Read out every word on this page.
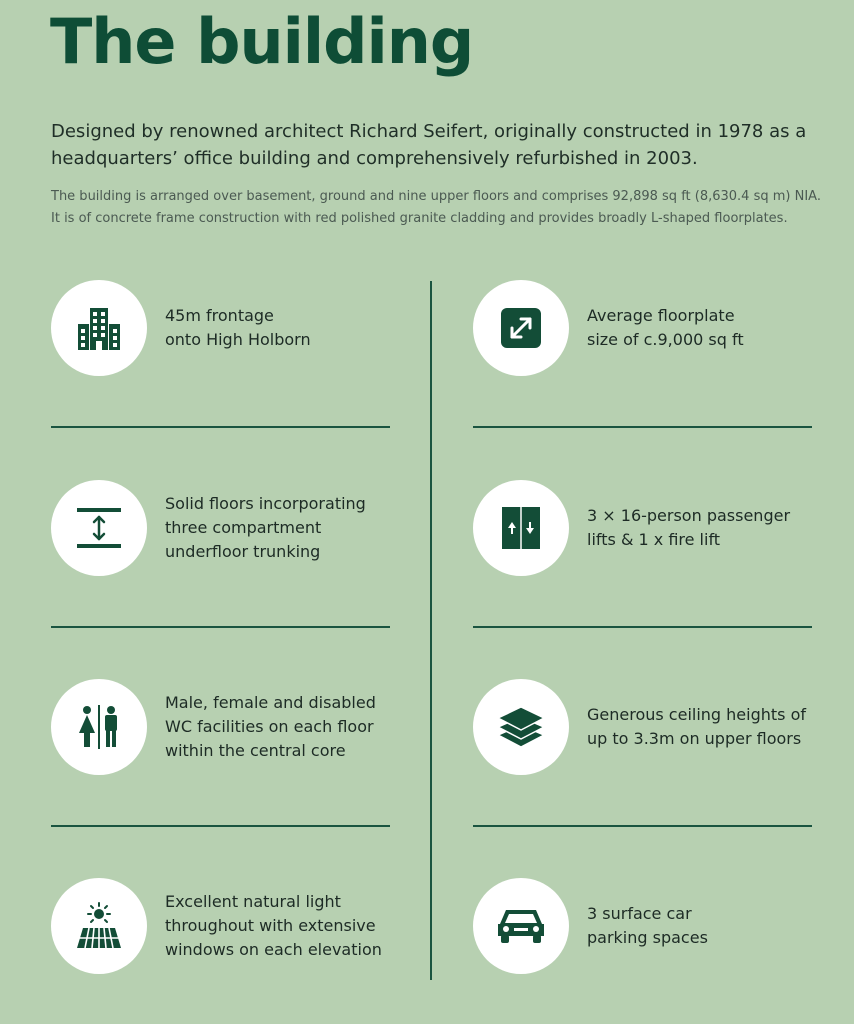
The building

Designed by renowned architect Richard Seifert, originally constructed in 1978 as a headquarters’ office building and comprehensively refurbished in 2003.

The building is arranged over basement, ground and nine upper floors and comprises 92,898 sq ft (8,630.4 sq m) NIA. It is of concrete frame construction with red polished granite cladding and provides broadly L-shaped floorplates.

45m frontage
onto High Holborn
Average floorplate
size of c.9,000 sq ft
Solid floors incorporating
three compartment
underfloor trunking
3 × 16-person passenger
lifts & 1 x fire lift
Male, female and disabled
WC facilities on each floor
within the central core
Generous ceiling heights of
up to 3.3m on upper floors
Excellent natural light
throughout with extensive
windows on each elevation
3 surface car
parking spaces
